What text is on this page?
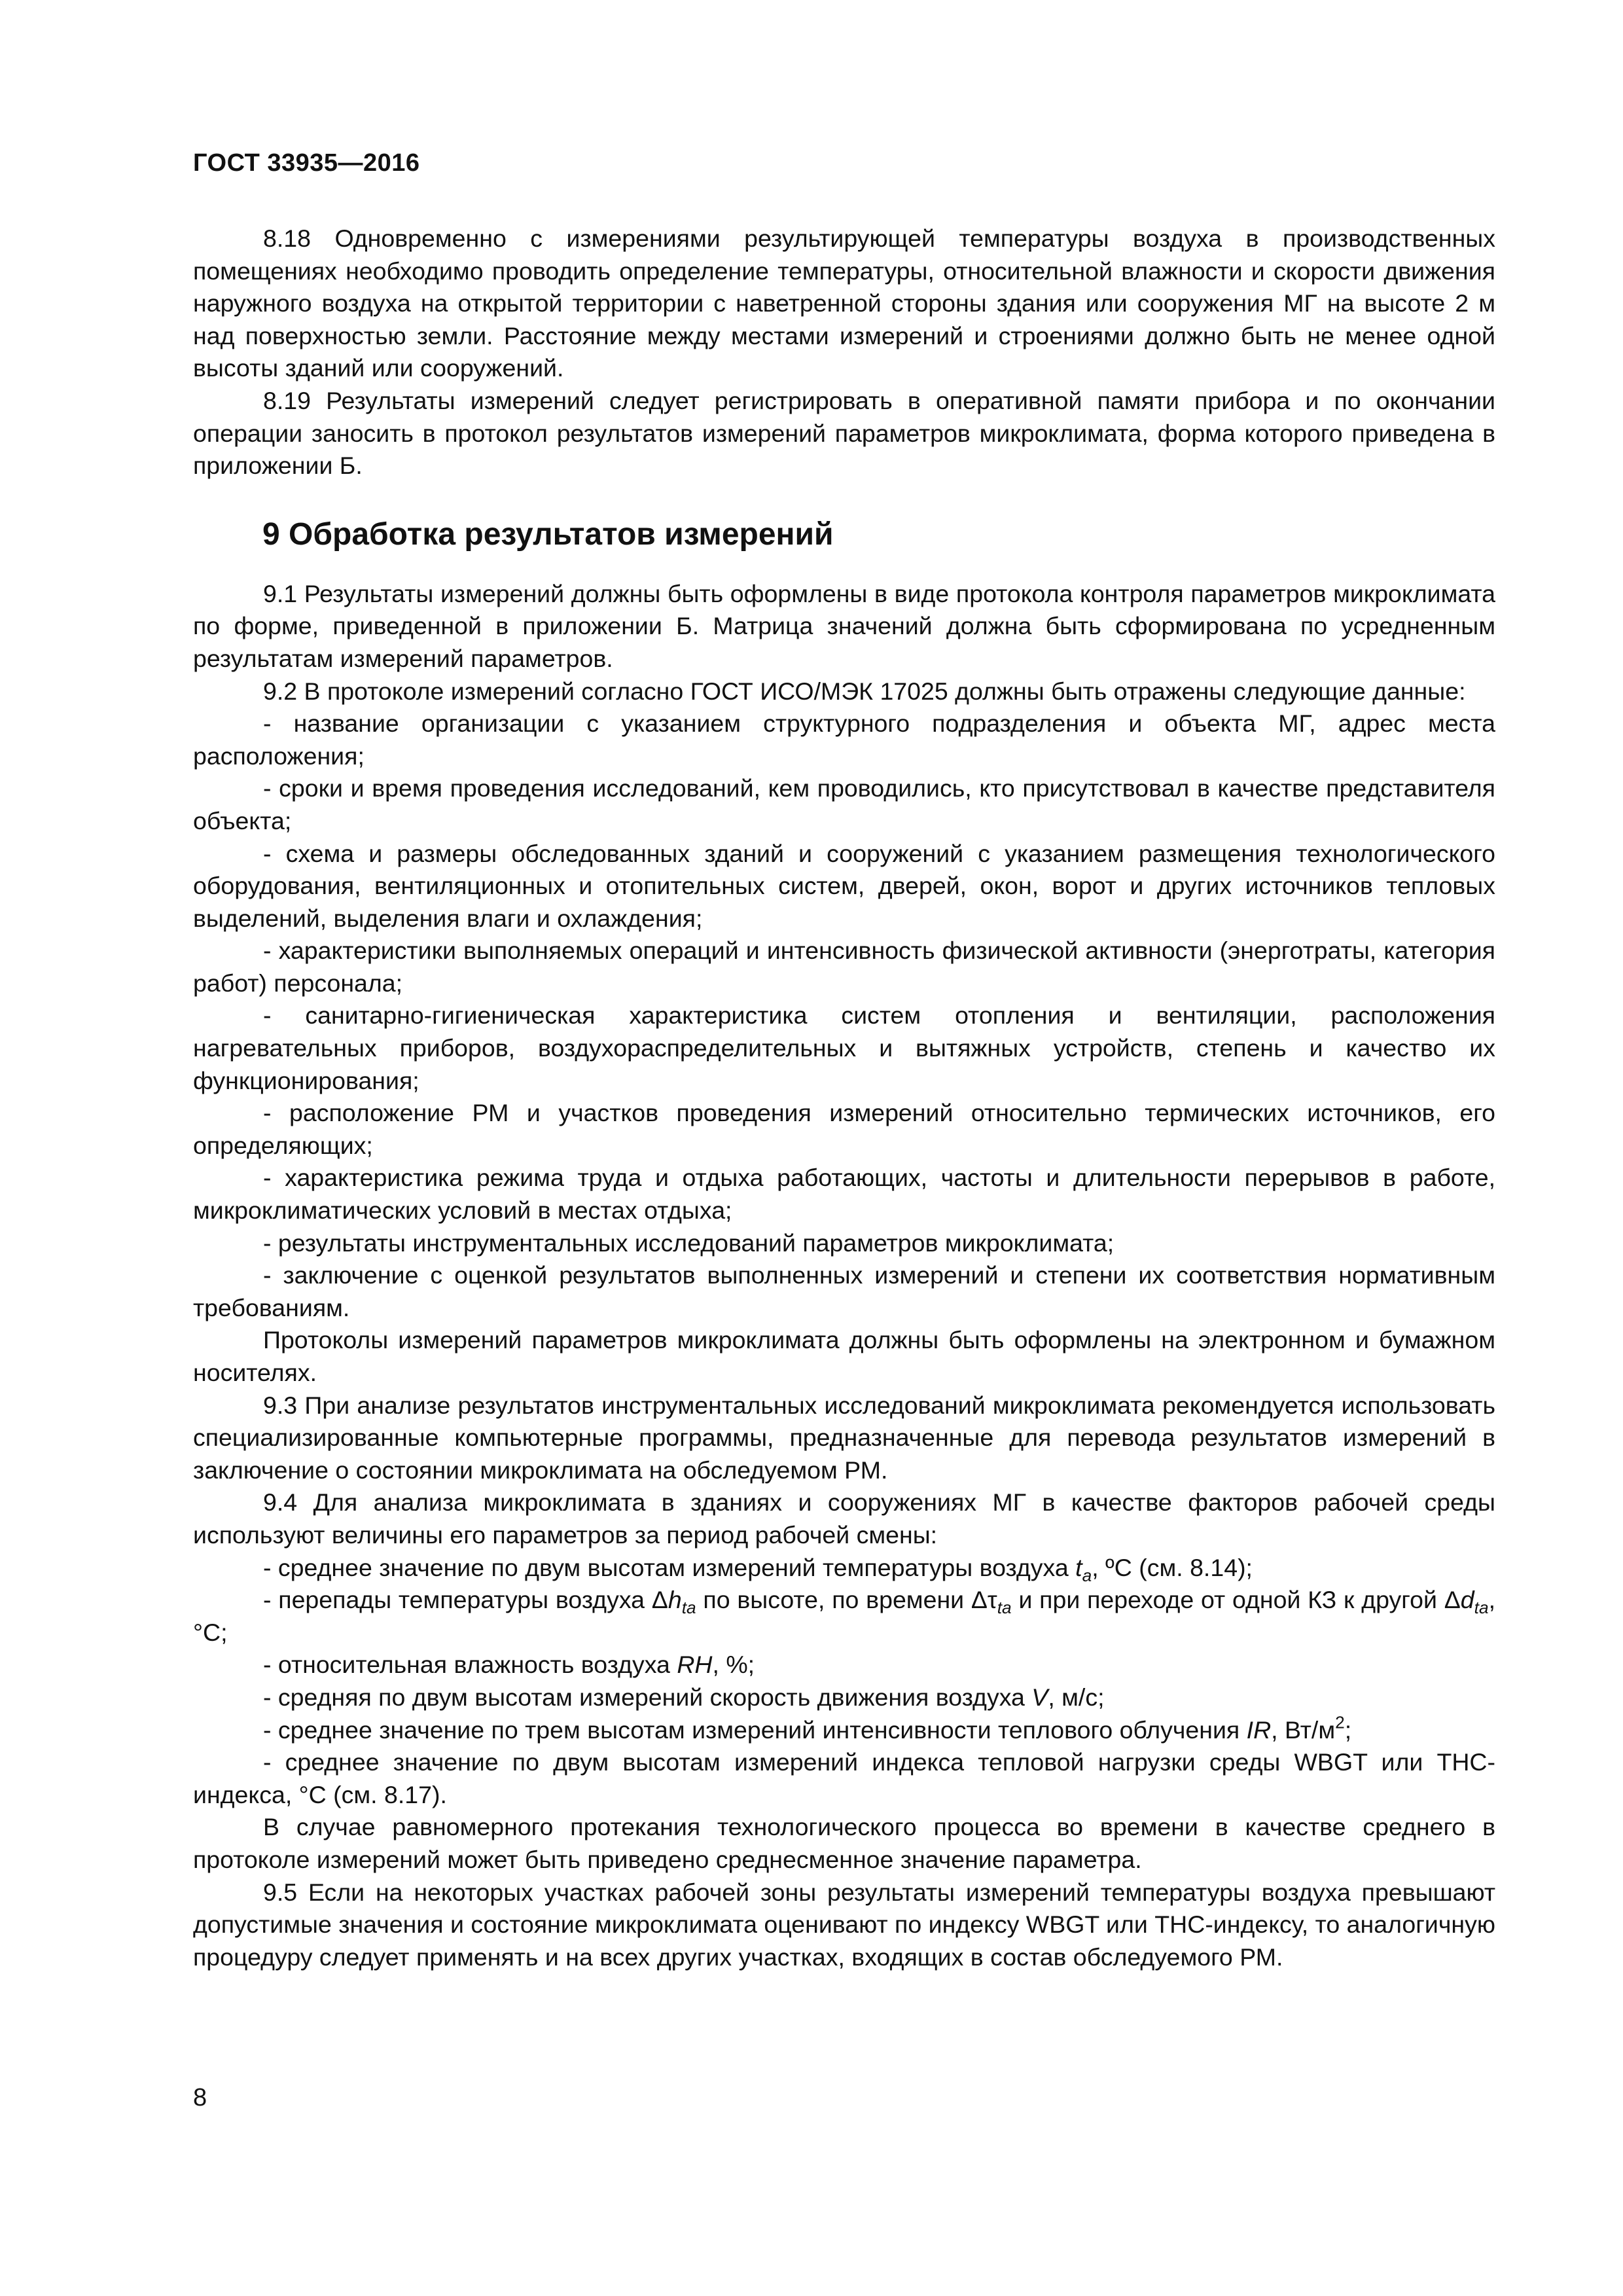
ГОСТ 33935—2016

8.18 Одновременно с измерениями результирующей температуры воздуха в производственных помещениях необходимо проводить определение температуры, относительной влажности и скорости движения наружного воздуха на открытой территории с наветренной стороны здания или сооружения МГ на высоте 2 м над поверхностью земли. Расстояние между местами измерений и строениями должно быть не менее одной высоты зданий или сооружений.

8.19 Результаты измерений следует регистрировать в оперативной памяти прибора и по окончании операции заносить в протокол результатов измерений параметров микроклимата, форма которого приведена в приложении Б.

9 Обработка результатов измерений

9.1 Результаты измерений должны быть оформлены в виде протокола контроля параметров микроклимата по форме, приведенной в приложении Б. Матрица значений должна быть сформирована по усредненным результатам измерений параметров.

9.2 В протоколе измерений согласно ГОСТ ИСО/МЭК 17025 должны быть отражены следующие данные:

- название организации с указанием структурного подразделения и объекта МГ, адрес места расположения;

- сроки и время проведения исследований, кем проводились, кто присутствовал в качестве представителя объекта;

- схема и размеры обследованных зданий и сооружений с указанием размещения технологического оборудования, вентиляционных и отопительных систем, дверей, окон, ворот и других источников тепловых выделений, выделения влаги и охлаждения;

- характеристики выполняемых операций и интенсивность физической активности (энерготраты, категория работ) персонала;

- санитарно-гигиеническая характеристика систем отопления и вентиляции, расположения нагревательных приборов, воздухораспределительных и вытяжных устройств, степень и качество их функционирования;

- расположение РМ и участков проведения измерений относительно термических источников, его определяющих;

- характеристика режима труда и отдыха работающих, частоты и длительности перерывов в работе, микроклиматических условий в местах отдыха;

- результаты инструментальных исследований параметров микроклимата;

- заключение с оценкой результатов выполненных измерений и степени их соответствия нормативным требованиям.

Протоколы измерений параметров микроклимата должны быть оформлены на электронном и бумажном носителях.

9.3 При анализе результатов инструментальных исследований микроклимата рекомендуется использовать специализированные компьютерные программы, предназначенные для перевода результатов измерений в заключение о состоянии микроклимата на обследуемом РМ.

9.4 Для анализа микроклимата в зданиях и сооружениях МГ в качестве факторов рабочей среды используют величины его параметров за период рабочей смены:

- среднее значение по двум высотам измерений температуры воздуха $t_a$, ºС (см. 8.14);

- перепады температуры воздуха $\Delta h_{ta}$ по высоте, по времени $\Delta\tau_{ta}$ и при переходе от одной КЗ к другой $\Delta d_{ta}$, °С;

- относительная влажность воздуха RH, %;

- средняя по двум высотам измерений скорость движения воздуха V, м/с;

- среднее значение по трем высотам измерений интенсивности теплового облучения IR, $Вт/м^2$;

- среднее значение по двум высотам измерений индекса тепловой нагрузки среды WBGT или ТНС-индекса, °С (см. 8.17).

В случае равномерного протекания технологического процесса во времени в качестве среднего в протоколе измерений может быть приведено среднесменное значение параметра.

9.5 Если на некоторых участках рабочей зоны результаты измерений температуры воздуха превышают допустимые значения и состояние микроклимата оценивают по индексу WBGT или ТНС-индексу, то аналогичную процедуру следует применять и на всех других участках, входящих в состав обследуемого РМ.

8
